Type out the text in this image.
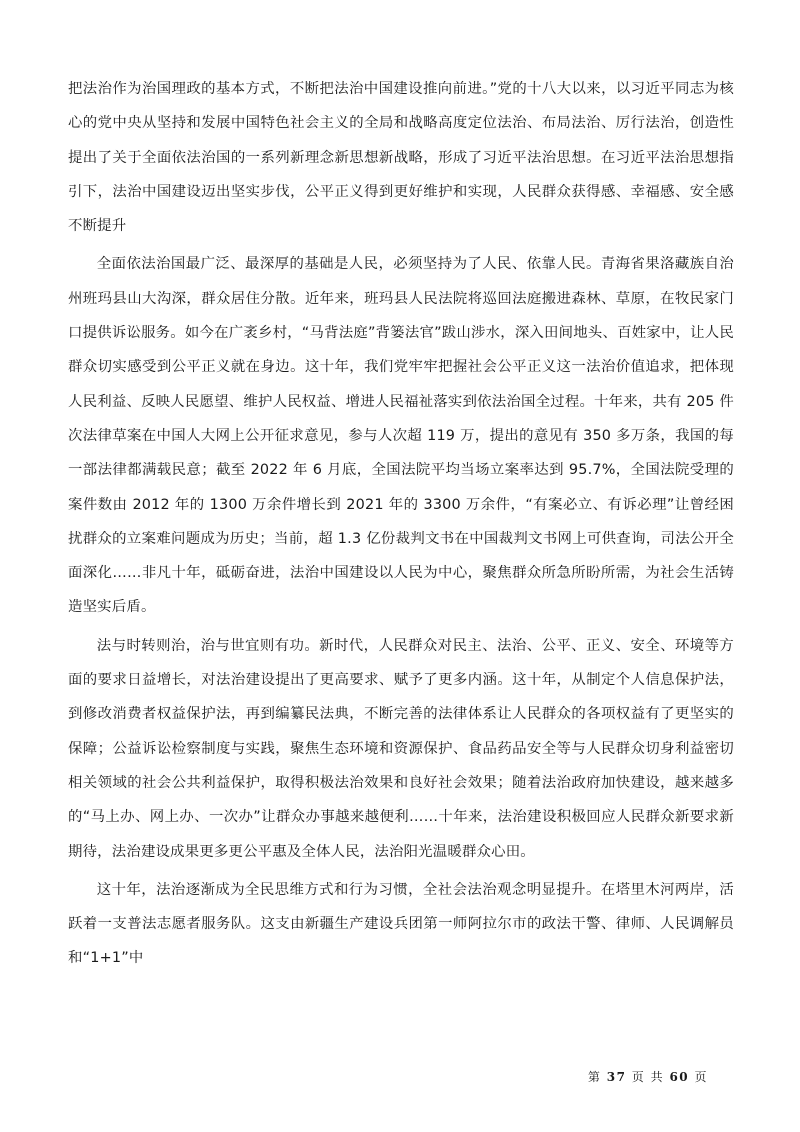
把法治作为治国理政的基本方式，不断把法治中国建设推向前进。”党的十八大以来，以习近平同志为核心的党中央从坚持和发展中国特色社会主义的全局和战略高度定位法治、布局法治、厉行法治，创造性提出了关于全面依法治国的一系列新理念新思想新战略，形成了习近平法治思想。在习近平法治思想指引下，法治中国建设迈出坚实步伐，公平正义得到更好维护和实现，人民群众获得感、幸福感、安全感不断提升

全面依法治国最广泛、最深厚的基础是人民，必须坚持为了人民、依靠人民。青海省果洛藏族自治州班玛县山大沟深，群众居住分散。近年来，班玛县人民法院将巡回法庭搬进森林、草原，在牧民家门口提供诉讼服务。如今在广袤乡村，“马背法庭”背篓法官”跋山涉水，深入田间地头、百姓家中，让人民群众切实感受到公平正义就在身边。这十年，我们党牢牢把握社会公平正义这一法治价值追求，把体现人民利益、反映人民愿望、维护人民权益、增进人民福祉落实到依法治国全过程。十年来，共有 205 件次法律草案在中国人大网上公开征求意见，参与人次超 119 万，提出的意见有 350 多万条，我国的每一部法律都满载民意；截至 2022 年 6 月底，全国法院平均当场立案率达到 95.7%，全国法院受理的案件数由 2012 年的 1300 万余件增长到 2021 年的 3300 万余件，“有案必立、有诉必理”让曾经困扰群众的立案难问题成为历史；当前，超 1.3 亿份裁判文书在中国裁判文书网上可供查询，司法公开全面深化……非凡十年，砥砺奋进，法治中国建设以人民为中心，聚焦群众所急所盼所需，为社会生活铸造坚实后盾。

法与时转则治，治与世宜则有功。新时代，人民群众对民主、法治、公平、正义、安全、环境等方面的要求日益增长，对法治建设提出了更高要求、赋予了更多内涵。这十年，从制定个人信息保护法，到修改消费者权益保护法，再到编纂民法典，不断完善的法律体系让人民群众的各项权益有了更坚实的保障；公益诉讼检察制度与实践，聚焦生态环境和资源保护、食品药品安全等与人民群众切身利益密切相关领域的社会公共利益保护，取得积极法治效果和良好社会效果；随着法治政府加快建设，越来越多的“马上办、网上办、一次办”让群众办事越来越便利……十年来，法治建设积极回应人民群众新要求新期待，法治建设成果更多更公平惠及全体人民，法治阳光温暖群众心田。

这十年，法治逐渐成为全民思维方式和行为习惯，全社会法治观念明显提升。在塔里木河两岸，活跃着一支普法志愿者服务队。这支由新疆生产建设兵团第一师阿拉尔市的政法干警、律师、人民调解员和“1+1”中

第 37 页 共 60 页
